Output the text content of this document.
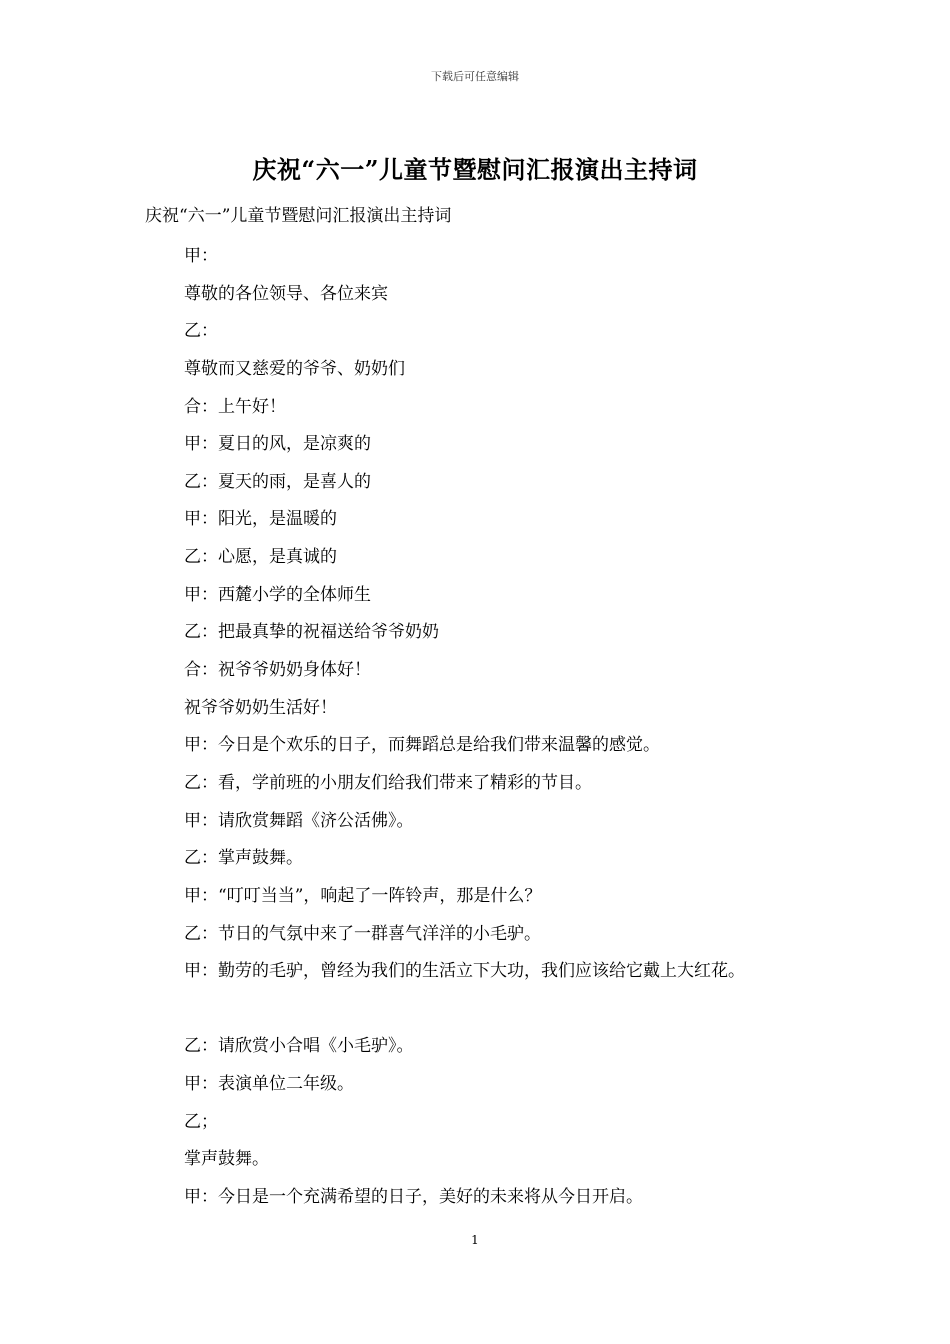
下载后可任意编辑
庆祝“六一”儿童节暨慰问汇报演出主持词
庆祝“六一”儿童节暨慰问汇报演出主持词
甲：
尊敬的各位领导、各位来宾
乙：
尊敬而又慈爱的爷爷、奶奶们
合：上午好！
甲：夏日的风，是凉爽的
乙：夏天的雨，是喜人的
甲：阳光，是温暖的
乙：心愿，是真诚的
甲：西麓小学的全体师生
乙：把最真挚的祝福送给爷爷奶奶
合：祝爷爷奶奶身体好！
祝爷爷奶奶生活好！
甲：今日是个欢乐的日子，而舞蹈总是给我们带来温馨的感觉。
乙：看，学前班的小朋友们给我们带来了精彩的节目。
甲：请欣赏舞蹈《济公活佛》。
乙：掌声鼓舞。
甲：“叮叮当当”，响起了一阵铃声，那是什么？
乙：节日的气氛中来了一群喜气洋洋的小毛驴。
甲：勤劳的毛驴，曾经为我们的生活立下大功，我们应该给它戴上大红花。
乙：请欣赏小合唱《小毛驴》。
甲：表演单位二年级。
乙；
掌声鼓舞。
甲：今日是一个充满希望的日子，美好的未来将从今日开启。
1
